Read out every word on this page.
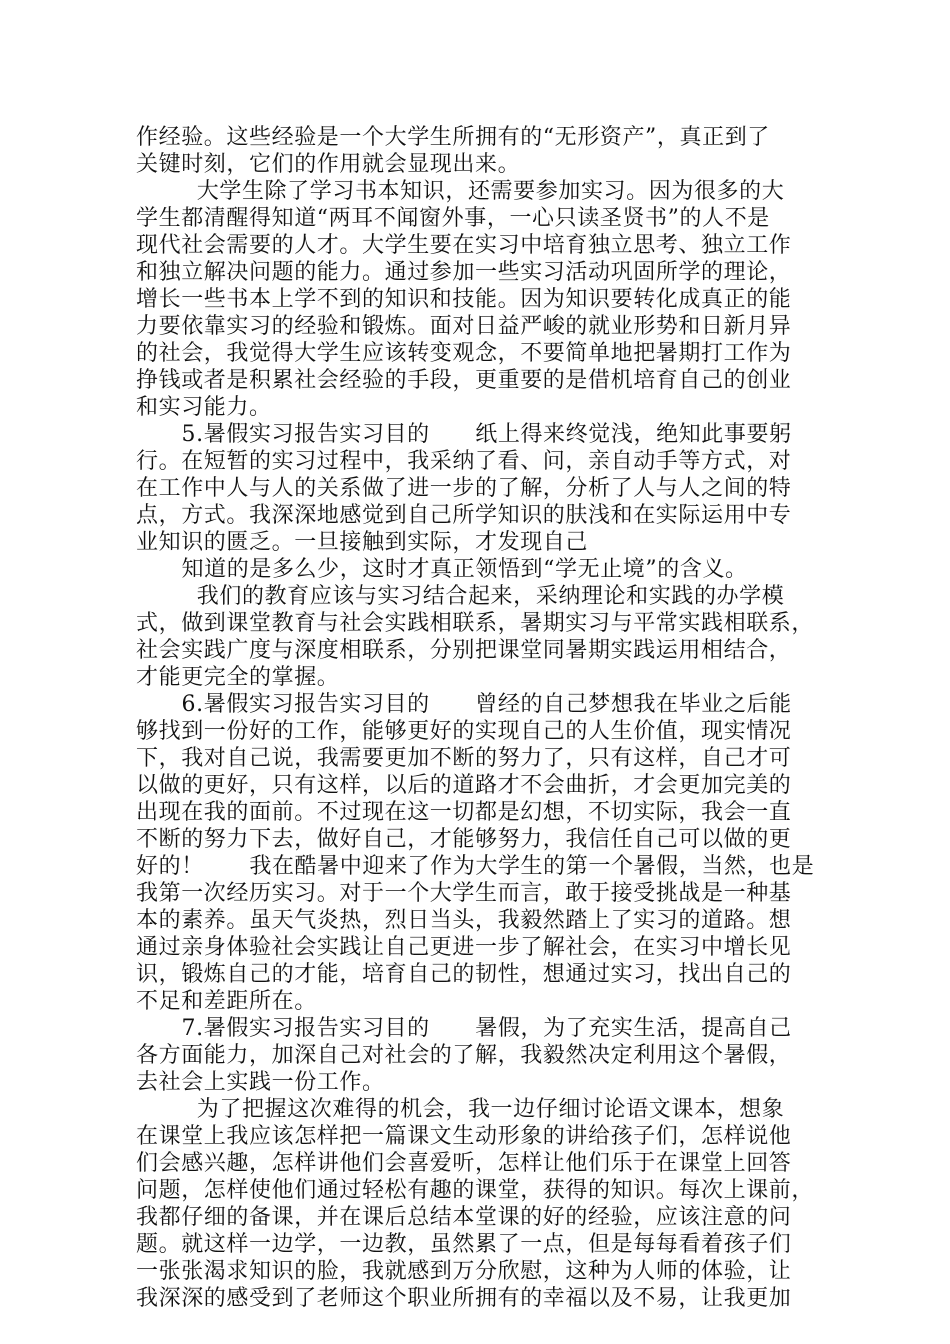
作经验。这些经验是一个大学生所拥有的“无形资产”，真正到了
关键时刻，它们的作用就会显现出来。
大学生除了学习书本知识，还需要参加实习。因为很多的大
学生都清醒得知道“两耳不闻窗外事，一心只读圣贤书”的人不是
现代社会需要的人才。大学生要在实习中培育独立思考、独立工作
和独立解决问题的能力。通过参加一些实习活动巩固所学的理论，
增长一些书本上学不到的知识和技能。因为知识要转化成真正的能
力要依靠实习的经验和锻炼。面对日益严峻的就业形势和日新月异
的社会，我觉得大学生应该转变观念，不要简单地把暑期打工作为
挣钱或者是积累社会经验的手段，更重要的是借机培育自己的创业
和实习能力。
5.暑假实习报告实习目的      纸上得来终觉浅，绝知此事要躬
行。在短暂的实习过程中，我采纳了看、问，亲自动手等方式，对
在工作中人与人的关系做了进一步的了解，分析了人与人之间的特
点，方式。我深深地感觉到自己所学知识的肤浅和在实际运用中专
业知识的匮乏。一旦接触到实际，才发现自己
知道的是多么少，这时才真正领悟到“学无止境”的含义。
我们的教育应该与实习结合起来，采纳理论和实践的办学模
式，做到课堂教育与社会实践相联系，暑期实习与平常实践相联系，
社会实践广度与深度相联系，分别把课堂同暑期实践运用相结合，
才能更完全的掌握。
6.暑假实习报告实习目的      曾经的自己梦想我在毕业之后能
够找到一份好的工作，能够更好的实现自己的人生价值，现实情况
下，我对自己说，我需要更加不断的努力了，只有这样，自己才可
以做的更好，只有这样，以后的道路才不会曲折，才会更加完美的
出现在我的面前。不过现在这一切都是幻想，不切实际，我会一直
不断的努力下去，做好自己，才能够努力，我信任自己可以做的更
好的！      我在酷暑中迎来了作为大学生的第一个暑假，当然，也是
我第一次经历实习。对于一个大学生而言，敢于接受挑战是一种基
本的素养。虽天气炎热，烈日当头，我毅然踏上了实习的道路。想
通过亲身体验社会实践让自己更进一步了解社会，在实习中增长见
识，锻炼自己的才能，培育自己的韧性，想通过实习，找出自己的
不足和差距所在。
7.暑假实习报告实习目的      暑假，为了充实生活，提高自己
各方面能力，加深自己对社会的了解，我毅然决定利用这个暑假，
去社会上实践一份工作。
为了把握这次难得的机会，我一边仔细讨论语文课本，想象
在课堂上我应该怎样把一篇课文生动形象的讲给孩子们，怎样说他
们会感兴趣，怎样讲他们会喜爱听，怎样让他们乐于在课堂上回答
问题，怎样使他们通过轻松有趣的课堂，获得的知识。每次上课前，
我都仔细的备课，并在课后总结本堂课的好的经验，应该注意的问
题。就这样一边学，一边教，虽然累了一点，但是每每看着孩子们
一张张渴求知识的脸，我就感到万分欣慰，这种为人师的体验，让
我深深的感受到了老师这个职业所拥有的幸福以及不易，让我更加
